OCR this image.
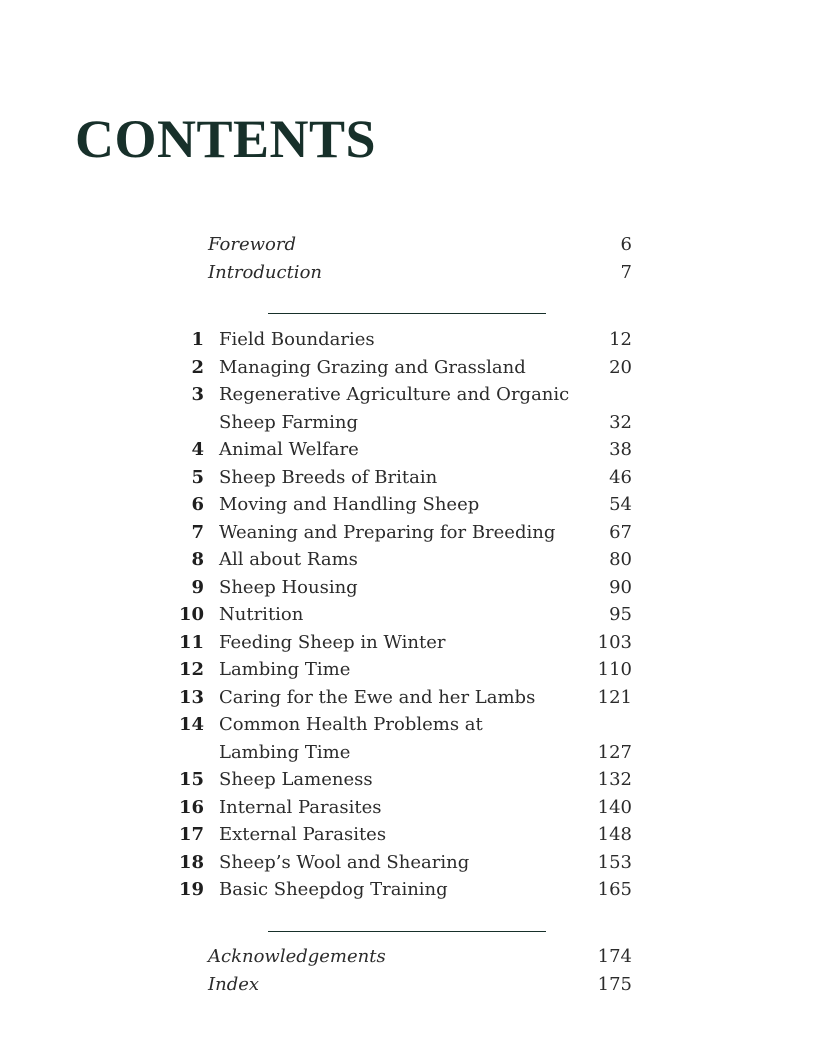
CONTENTS
Foreword	6
Introduction	7
1 Field Boundaries	12
2 Managing Grazing and Grassland	20
3 Regenerative Agriculture and Organic
Sheep Farming	32
4 Animal Welfare	38
5 Sheep Breeds of Britain	46
6 Moving and Handling Sheep	54
7 Weaning and Preparing for Breeding	67
8 All about Rams	80
9 Sheep Housing	90
10 Nutrition	95
11 Feeding Sheep in Winter	103
12 Lambing Time	110
13 Caring for the Ewe and her Lambs	121
14 Common Health Problems at
Lambing Time	127
15 Sheep Lameness	132
16 Internal Parasites	140
17 External Parasites	148
18 Sheep’s Wool and Shearing	153
19 Basic Sheepdog Training	165
Acknowledgements	174
Index	175
